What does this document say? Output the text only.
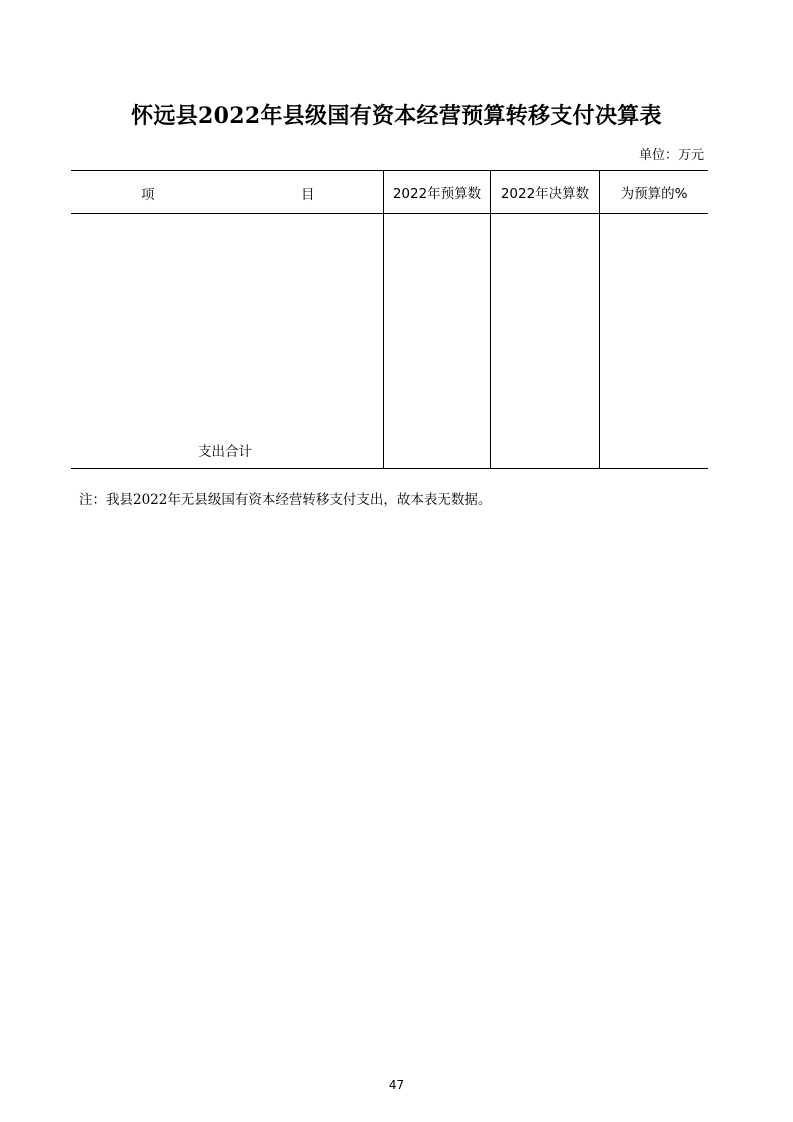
怀远县2022年县级国有资本经营预算转移支付决算表
单位：万元
项 目	2022年预算数	2022年决算数	为预算的%

支出合计			

注：我县2022年无县级国有资本经营转移支付支出，故本表无数据。
47
